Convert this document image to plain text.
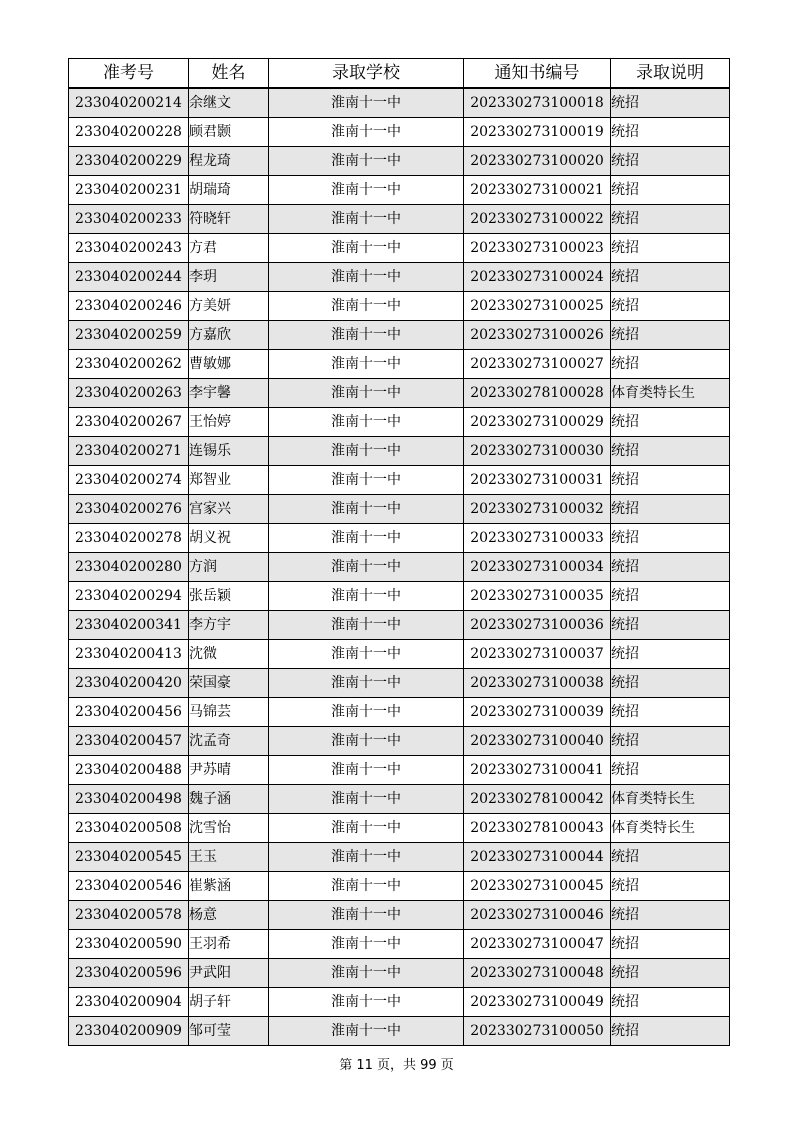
准考号	姓名	录取学校	通知书编号	录取说明
233040200214	余继文	淮南十一中	202330273100018	统招
233040200228	顾君颢	淮南十一中	202330273100019	统招
233040200229	程龙琦	淮南十一中	202330273100020	统招
233040200231	胡瑞琦	淮南十一中	202330273100021	统招
233040200233	符晓轩	淮南十一中	202330273100022	统招
233040200243	方君	淮南十一中	202330273100023	统招
233040200244	李玥	淮南十一中	202330273100024	统招
233040200246	方美妍	淮南十一中	202330273100025	统招
233040200259	方嘉欣	淮南十一中	202330273100026	统招
233040200262	曹敏娜	淮南十一中	202330273100027	统招
233040200263	李宇馨	淮南十一中	202330278100028	体育类特长生
233040200267	王怡婷	淮南十一中	202330273100029	统招
233040200271	连锡乐	淮南十一中	202330273100030	统招
233040200274	郑智业	淮南十一中	202330273100031	统招
233040200276	宫家兴	淮南十一中	202330273100032	统招
233040200278	胡义祝	淮南十一中	202330273100033	统招
233040200280	方润	淮南十一中	202330273100034	统招
233040200294	张岳颖	淮南十一中	202330273100035	统招
233040200341	李方宇	淮南十一中	202330273100036	统招
233040200413	沈微	淮南十一中	202330273100037	统招
233040200420	荣国豪	淮南十一中	202330273100038	统招
233040200456	马锦芸	淮南十一中	202330273100039	统招
233040200457	沈孟奇	淮南十一中	202330273100040	统招
233040200488	尹苏晴	淮南十一中	202330273100041	统招
233040200498	魏子涵	淮南十一中	202330278100042	体育类特长生
233040200508	沈雪怡	淮南十一中	202330278100043	体育类特长生
233040200545	王玉	淮南十一中	202330273100044	统招
233040200546	崔紫涵	淮南十一中	202330273100045	统招
233040200578	杨意	淮南十一中	202330273100046	统招
233040200590	王羽希	淮南十一中	202330273100047	统招
233040200596	尹武阳	淮南十一中	202330273100048	统招
233040200904	胡子轩	淮南十一中	202330273100049	统招
233040200909	邹可莹	淮南十一中	202330273100050	统招
第 11 页，共 99 页
